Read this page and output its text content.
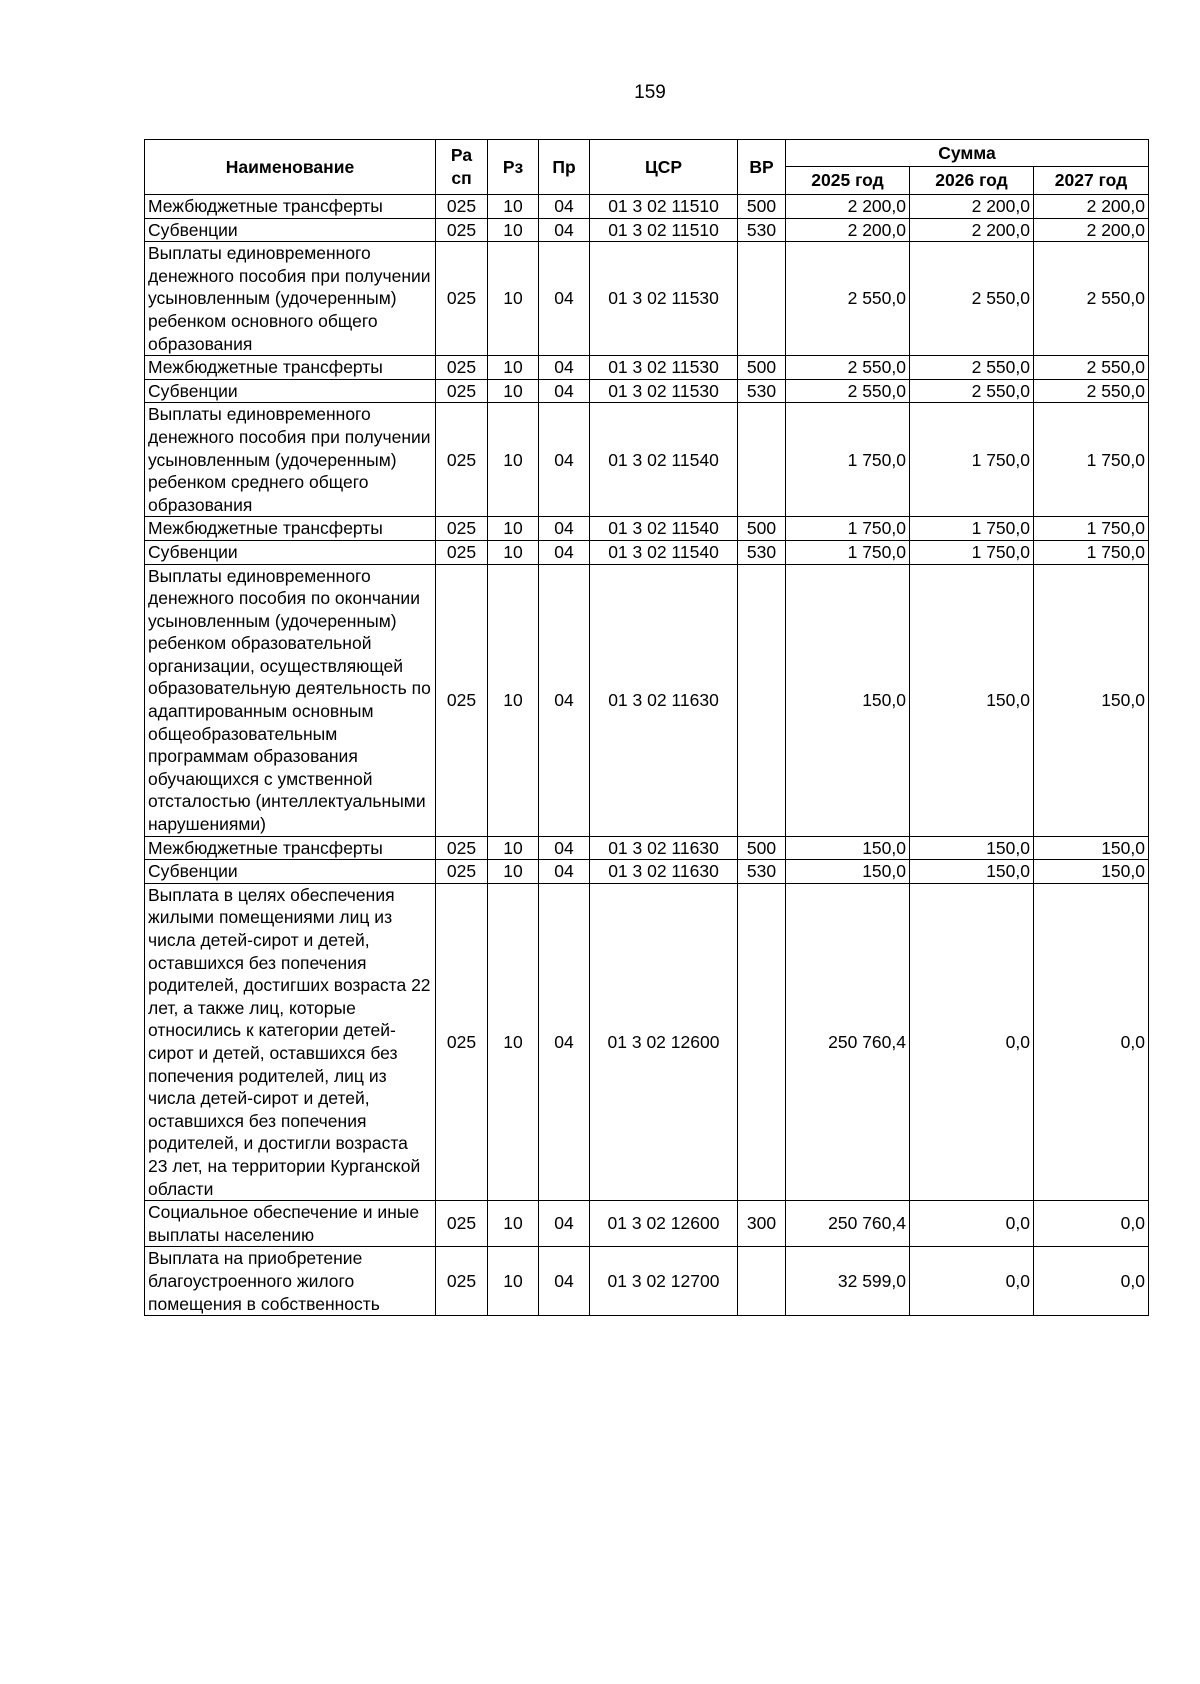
159
Наименование	Ра сп	Рз	Пр	ЦСР	ВР	Сумма		
						2025 год	2026 год	2027 год
Межбюджетные трансферты	025	10	04	01 3 02 11510	500	2 200,0	2 200,0	2 200,0
Субвенции	025	10	04	01 3 02 11510	530	2 200,0	2 200,0	2 200,0
Выплаты единовременного денежного пособия при получении усыновленным (удочеренным) ребенком основного общего образования	025	10	04	01 3 02 11530		2 550,0	2 550,0	2 550,0
Межбюджетные трансферты	025	10	04	01 3 02 11530	500	2 550,0	2 550,0	2 550,0
Субвенции	025	10	04	01 3 02 11530	530	2 550,0	2 550,0	2 550,0
Выплаты единовременного денежного пособия при получении усыновленным (удочеренным) ребенком среднего общего образования	025	10	04	01 3 02 11540		1 750,0	1 750,0	1 750,0
Межбюджетные трансферты	025	10	04	01 3 02 11540	500	1 750,0	1 750,0	1 750,0
Субвенции	025	10	04	01 3 02 11540	530	1 750,0	1 750,0	1 750,0
Выплаты единовременного денежного пособия по окончании усыновленным (удочеренным) ребенком образовательной организации, осуществляющей образовательную деятельность по адаптированным основным общеобразовательным программам образования обучающихся с умственной отсталостью (интеллектуальными нарушениями)	025	10	04	01 3 02 11630		150,0	150,0	150,0
Межбюджетные трансферты	025	10	04	01 3 02 11630	500	150,0	150,0	150,0
Субвенции	025	10	04	01 3 02 11630	530	150,0	150,0	150,0
Выплата в целях обеспечения жилыми помещениями лиц из числа детей-сирот и детей, оставшихся без попечения родителей, достигших возраста 22 лет, а также лиц, которые относились к категории детей-сирот и детей, оставшихся без попечения родителей, лиц из числа детей-сирот и детей, оставшихся без попечения родителей, и достигли возраста 23 лет, на территории Курганской области	025	10	04	01 3 02 12600		250 760,4	0,0	0,0
Социальное обеспечение и иные выплаты населению	025	10	04	01 3 02 12600	300	250 760,4	0,0	0,0
Выплата на приобретение благоустроенного жилого помещения в собственность	025	10	04	01 3 02 12700		32 599,0	0,0	0,0
